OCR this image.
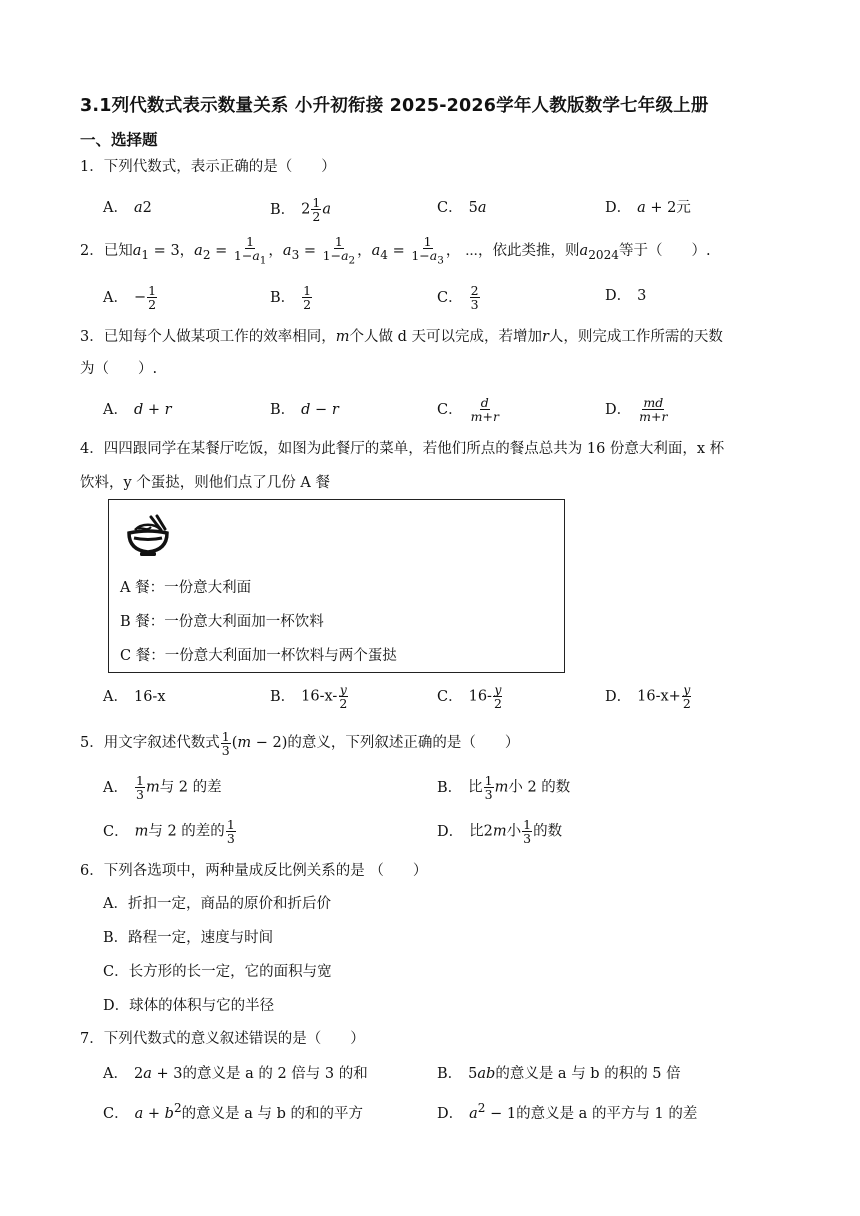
3.1列代数式表示数量关系 小升初衔接 2025-2026学年人教版数学七年级上册
一、选择题
1．下列代数式，表示正确的是（　　）
A． a2	B． $2 \frac{1}{2}$ a	C． 5a	D． a + 2元
2．已知$a_1 = 3$，$a_2 = \frac{1}{1-a_1}$ ，$a_3 = \frac{1}{1-a_2}$ ，$a_4 = \frac{1}{1-a_3}$ ， ⋯，依此类推，则$a_{2024}$等于（　　）.
A． − $\frac{1}{2}$	B． $\frac{1}{2}$	C． $\frac{2}{3}$	D． 3
3．已知每个人做某项工作的效率相同，m个人做 d 天可以完成，若增加r人，则完成工作所需的天数
为（　　）.
A． d + r	B． d − r	C． $\frac{d}{m+r}$	D． $\frac{md}{m+r}$
4．四四跟同学在某餐厅吃饭，如图为此餐厅的菜单，若他们所点的餐点总共为 16 份意大利面，x 杯
饮料，y 个蛋挞，则他们点了几份 A 餐
A 餐：一份意大利面
B 餐：一份意大利面加一杯饮料
C 餐：一份意大利面加一杯饮料与两个蛋挞
A． 16-x	B． $16-x- \frac{y}{2}$	C． $16- \frac{y}{2}$	D． $16-x+ \frac{y}{2}$
5．用文字叙述代数式 $\frac{1}{3} (m - 2)$的意义，下列叙述正确的是（　　）
A． $\frac{1}{3}$ m与 2 的差	B． 比 $\frac{1}{3}$ m小 2 的数
C． m与 2 的差的 $\frac{1}{3}$	D． 比2m小 $\frac{1}{3}$ 的数
6．下列各选项中，两种量成反比例关系的是 （　　）
A．折扣一定，商品的原价和折后价
B．路程一定，速度与时间
C．长方形的长一定，它的面积与宽
D．球体的体积与它的半径
7．下列代数式的意义叙述错误的是（　　）
A． 2a + 3的意义是 a 的 2 倍与 3 的和	B． 5ab的意义是 a 与 b 的积的 5 倍
C． $a + b^2$的意义是 a 与 b 的和的平方	D． $a^2 - 1$的意义是 a 的平方与 1 的差
